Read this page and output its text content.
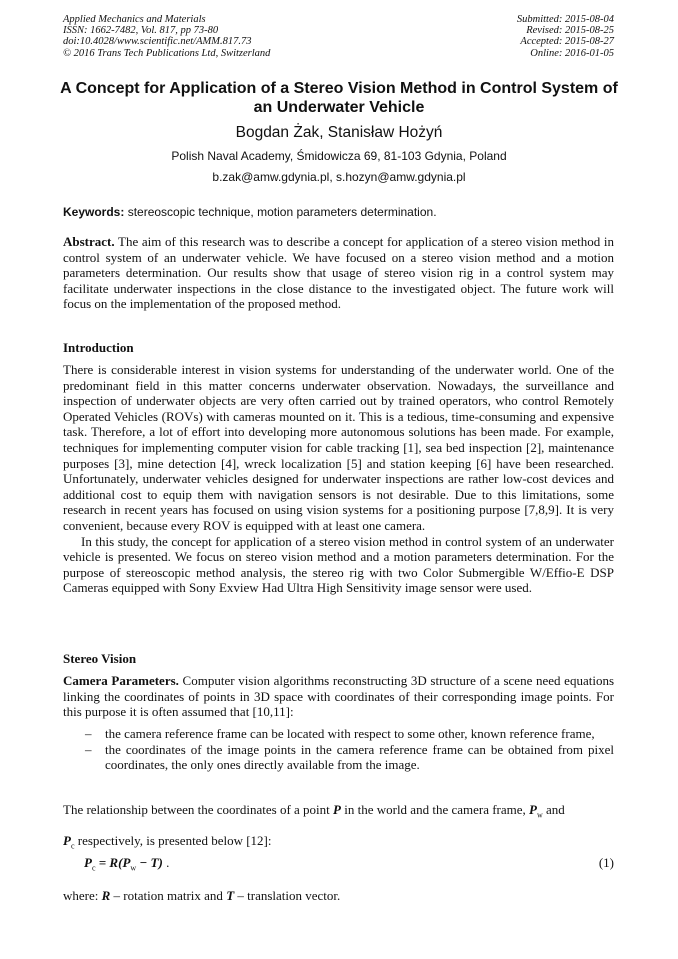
Applied Mechanics and Materials
ISSN: 1662-7482, Vol. 817, pp 73-80
doi:10.4028/www.scientific.net/AMM.817.73
© 2016 Trans Tech Publications Ltd, Switzerland
Submitted: 2015-08-04
Revised: 2015-08-25
Accepted: 2015-08-27
Online: 2016-01-05
A Concept for Application of a Stereo Vision Method in Control System of an Underwater Vehicle
Bogdan Żak, Stanisław Hożyń
Polish Naval Academy, Śmidowicza 69, 81-103 Gdynia, Poland
b.zak@amw.gdynia.pl, s.hozyn@amw.gdynia.pl
Keywords: stereoscopic technique, motion parameters determination.
Abstract. The aim of this research was to describe a concept for application of a stereo vision method in control system of an underwater vehicle. We have focused on a stereo vision method and a motion parameters determination. Our results show that usage of stereo vision rig in a control system may facilitate underwater inspections in the close distance to the investigated object. The future work will focus on the implementation of the proposed method.
Introduction

There is considerable interest in vision systems for understanding of the underwater world. One of the predominant field in this matter concerns underwater observation. Nowadays, the surveillance and inspection of underwater objects are very often carried out by trained operators, who control Remotely Operated Vehicles (ROVs) with cameras mounted on it. This is a tedious, time-consuming and expensive task. Therefore, a lot of effort into developing more autonomous solutions has been made. For example, techniques for implementing computer vision for cable tracking [1], sea bed inspection [2], maintenance purposes [3], mine detection [4], wreck localization [5] and station keeping [6] have been researched. Unfortunately, underwater vehicles designed for underwater inspections are rather low-cost devices and additional cost to equip them with navigation sensors is not desirable. Due to this limitations, some research in recent years has focused on using vision systems for a positioning purpose [7,8,9]. It is very convenient, because every ROV is equipped with at least one camera.

In this study, the concept for application of a stereo vision method in control system of an underwater vehicle is presented. We focus on stereo vision method and a motion parameters determination. For the purpose of stereoscopic method analysis, the stereo rig with two Color Submergible W/Effio-E DSP Cameras equipped with Sony Exview Had Ultra High Sensitivity image sensor were used.

Stereo Vision
Camera Parameters. Computer vision algorithms reconstructing 3D structure of a scene need equations linking the coordinates of points in 3D space with coordinates of their corresponding image points. For this purpose it is often assumed that [10,11]:
– the camera reference frame can be located with respect to some other, known reference frame,
– the coordinates of the image points in the camera reference frame can be obtained from pixel coordinates, the only ones directly available from the image.
The relationship between the coordinates of a point P in the world and the camera frame, $P_w$ and
$P_c$ respectively, is presented below [12]:
$P_c = R(P_w - T)$ .	(1)
where: R – rotation matrix and T – translation vector.
